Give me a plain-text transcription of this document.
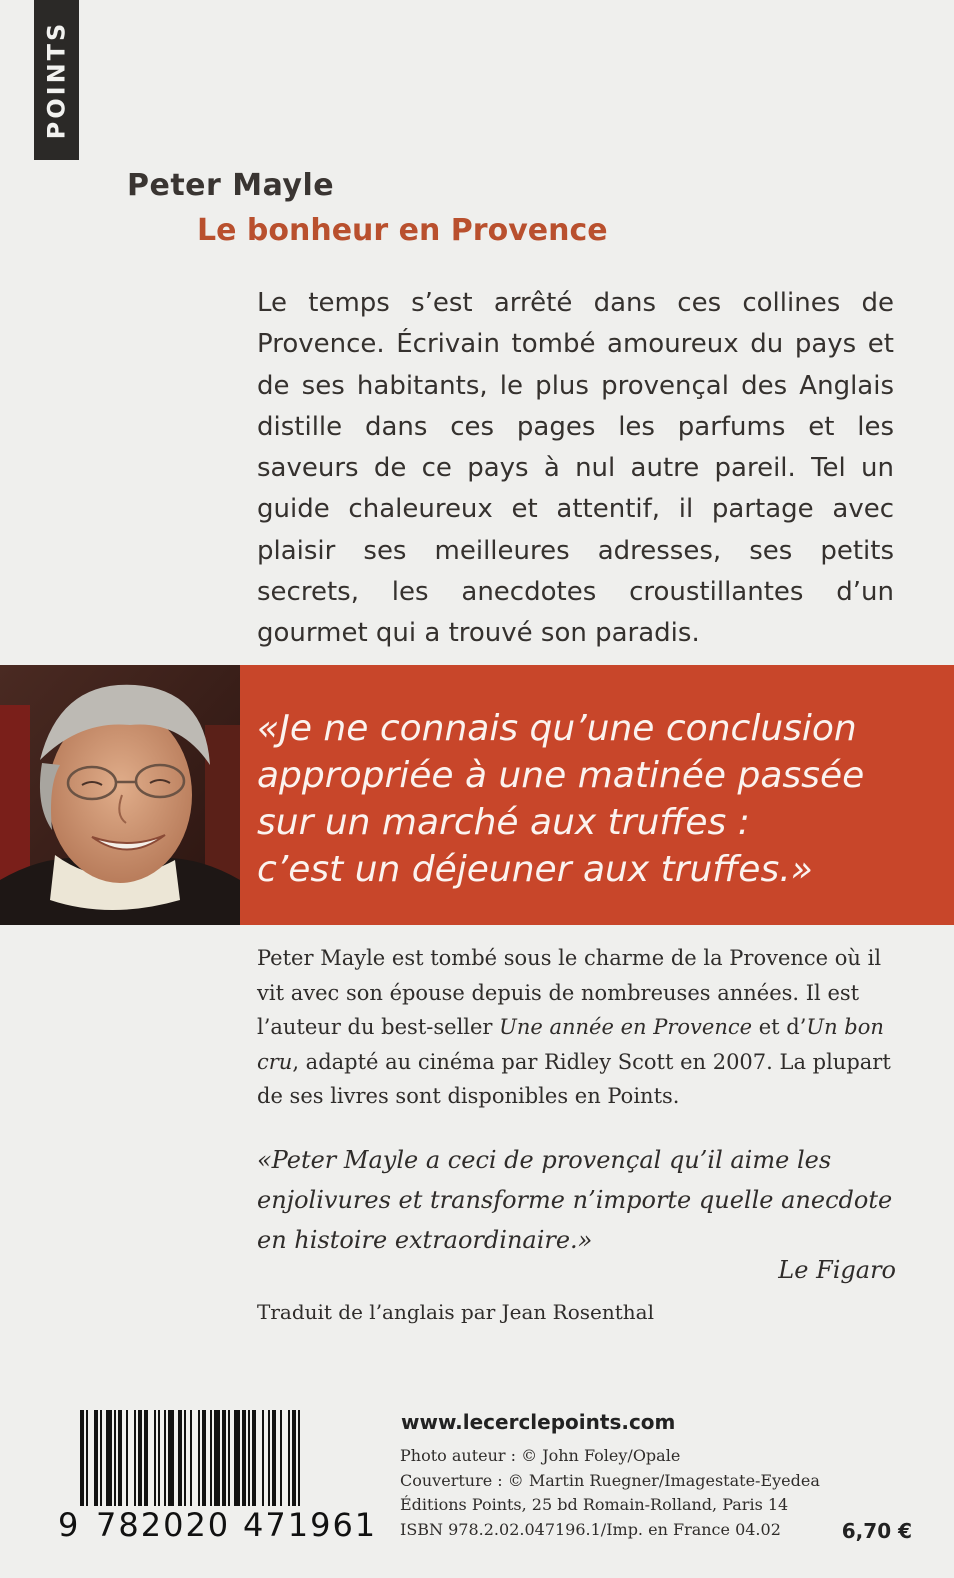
POINTS
Peter Mayle
Le bonheur en Provence
Le temps s’est arrêté dans ces collines de Provence. Écrivain tombé amoureux du pays et de ses habitants, le plus provençal des Anglais distille dans ces pages les parfums et les saveurs de ce pays à nul autre pareil. Tel un guide chaleureux et attentif, il partage avec plaisir ses meilleures adresses, ses petits secrets, les anecdotes croustillantes d’un gourmet qui a trouvé son paradis.
«Je ne connais qu’une conclusion
appropriée à une matinée passée
sur un marché aux truffes :
c’est un déjeuner aux truffes.»
Peter Mayle est tombé sous le charme de la Provence où il vit avec son épouse depuis de nombreuses années. Il est l’auteur du best-seller Une année en Provence et d’Un bon cru, adapté au cinéma par Ridley Scott en 2007. La plupart de ses livres sont disponibles en Points.
«Peter Mayle a ceci de provençal qu’il aime les enjolivures et transforme n’importe quelle anecdote en histoire extraordinaire.»
Le Figaro
Traduit de l’anglais par Jean Rosenthal
9 782020 471961
www.lecerclepoints.com
Photo auteur : © John Foley/Opale
Couverture : © Martin Ruegner/Imagestate-Eyedea
Éditions Points, 25 bd Romain-Rolland, Paris 14
ISBN 978.2.02.047196.1/Imp. en France 04.02	6,70 €
